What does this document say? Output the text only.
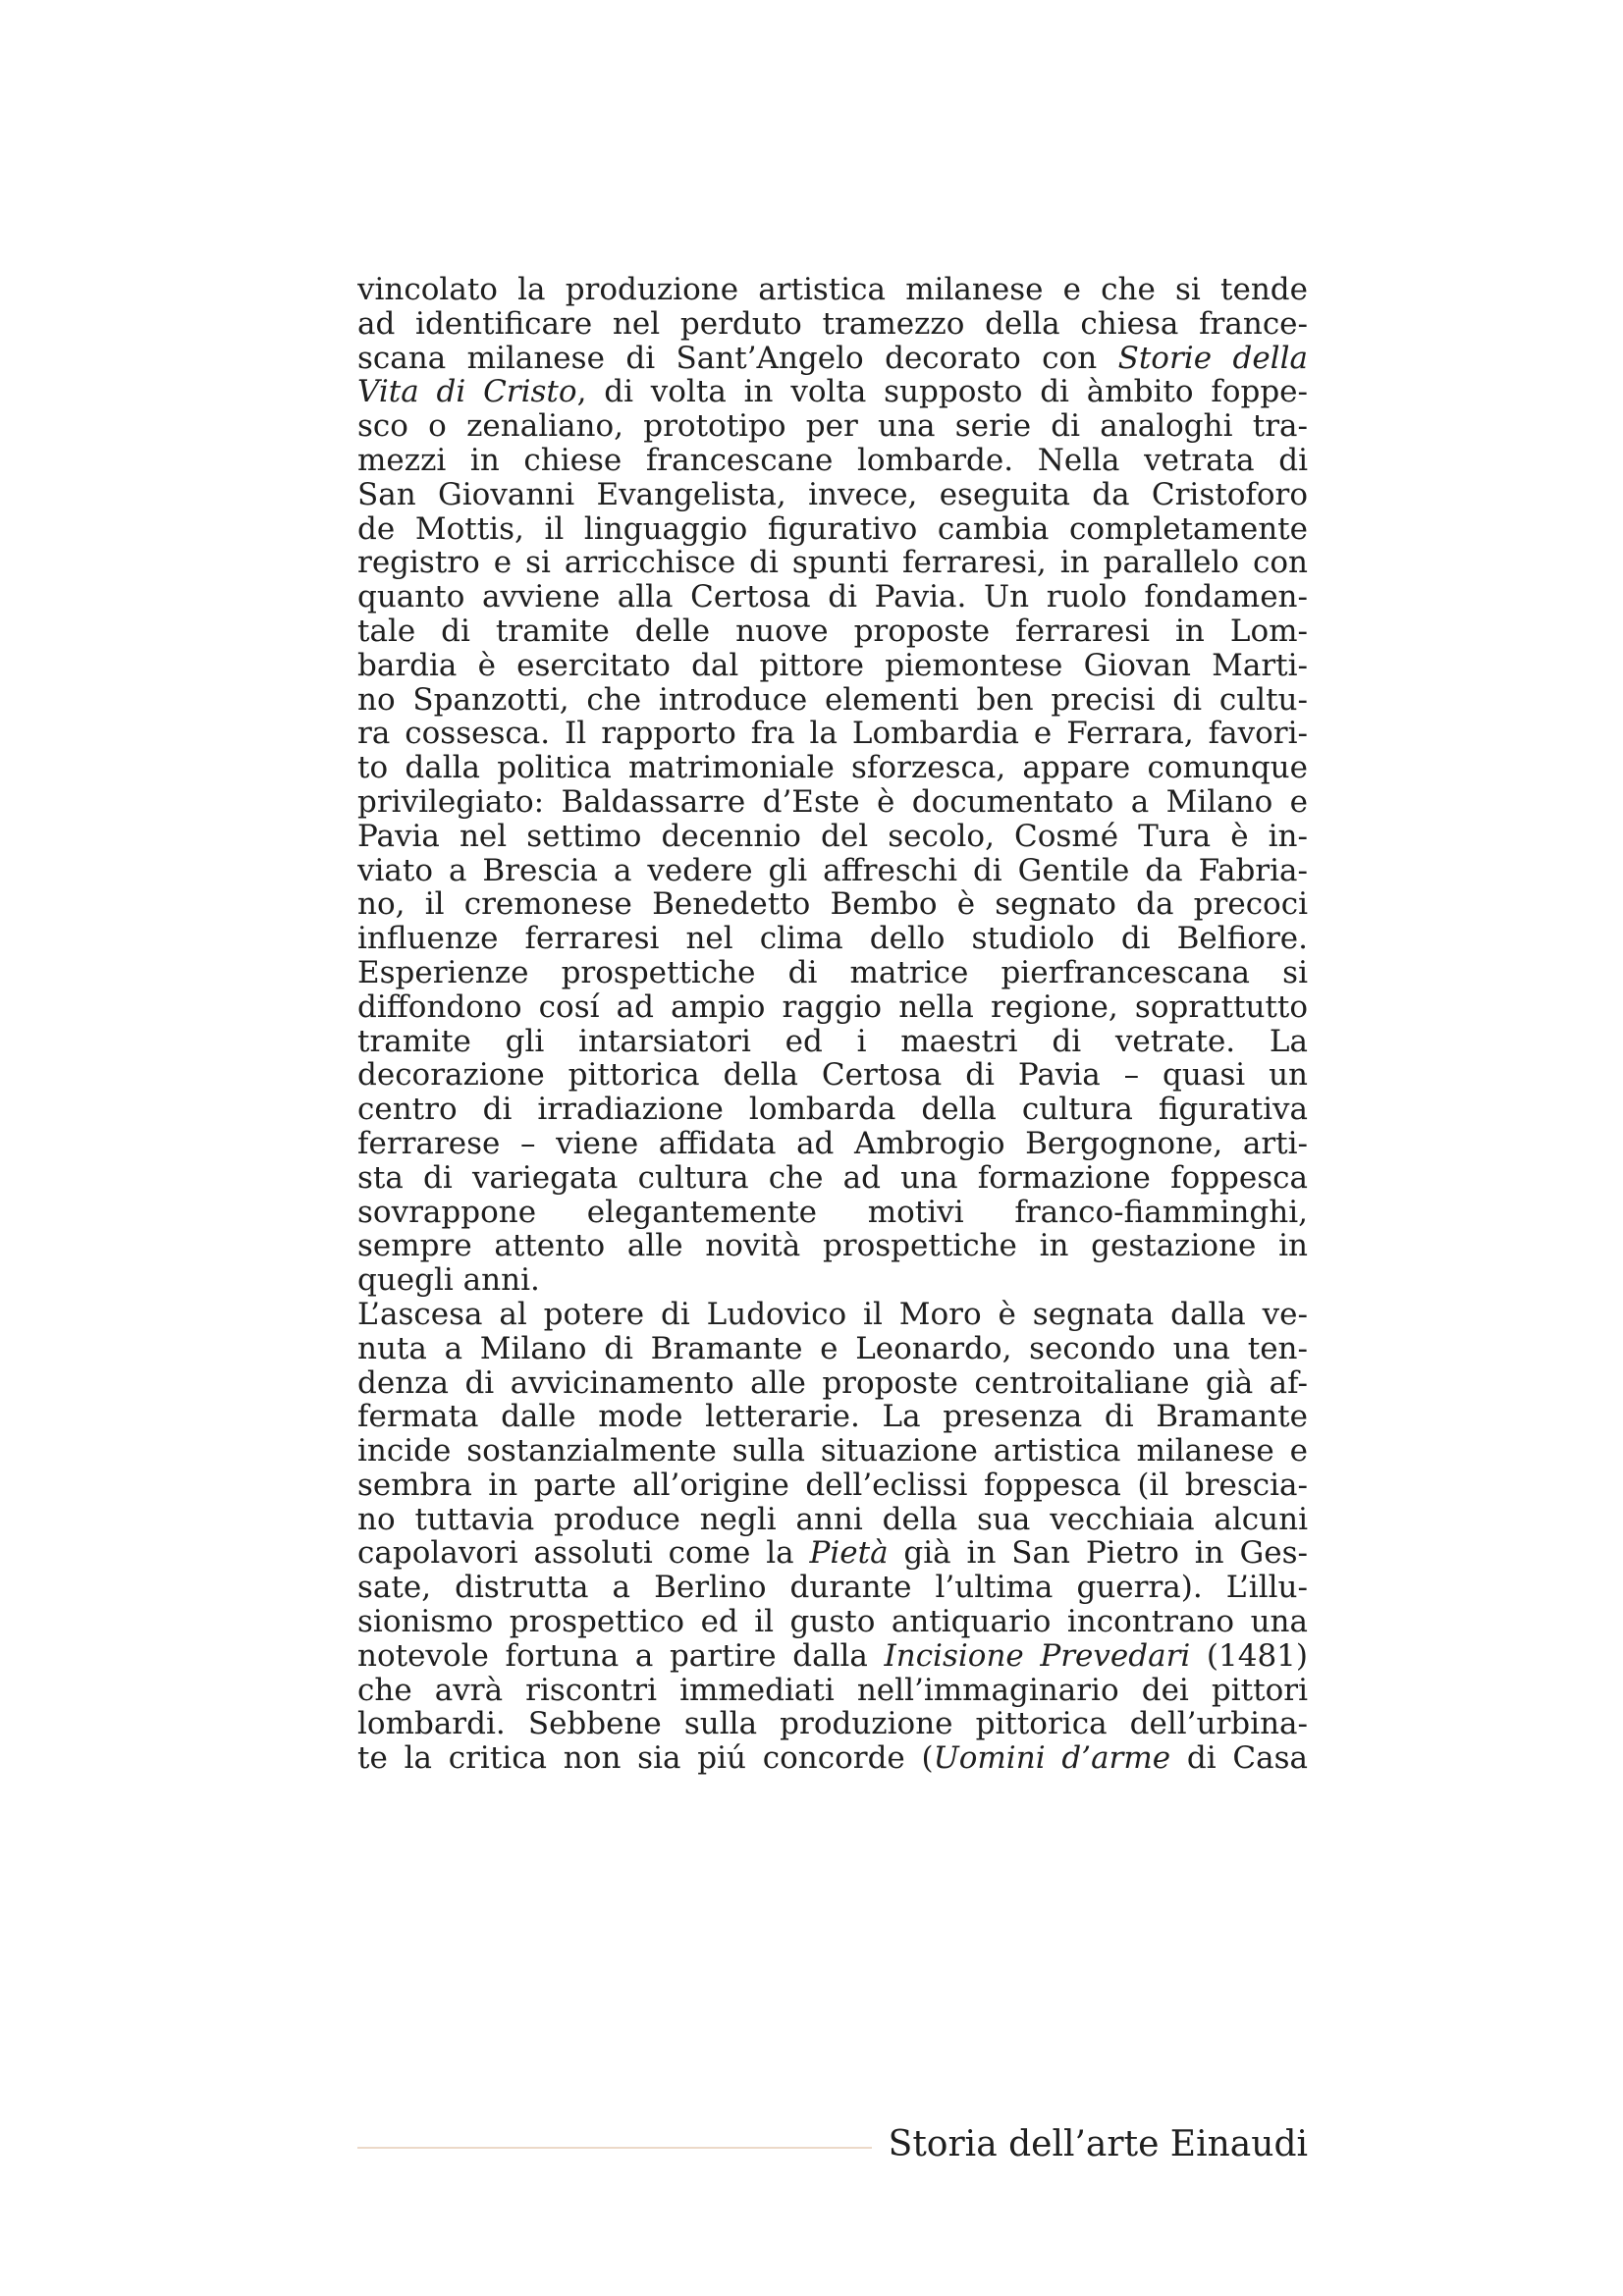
vincolato la produzione artistica milanese e che si tende
ad identificare nel perduto tramezzo della chiesa france-
scana milanese di Sant’Angelo decorato con Storie della
Vita di Cristo, di volta in volta supposto di àmbito foppe-
sco o zenaliano, prototipo per una serie di analoghi tra-
mezzi in chiese francescane lombarde. Nella vetrata di
San Giovanni Evangelista, invece, eseguita da Cristoforo
de Mottis, il linguaggio figurativo cambia completamente
registro e si arricchisce di spunti ferraresi, in parallelo con
quanto avviene alla Certosa di Pavia. Un ruolo fondamen-
tale di tramite delle nuove proposte ferraresi in Lom-
bardia è esercitato dal pittore piemontese Giovan Marti-
no Spanzotti, che introduce elementi ben precisi di cultu-
ra cossesca. Il rapporto fra la Lombardia e Ferrara, favori-
to dalla politica matrimoniale sforzesca, appare comunque
privilegiato: Baldassarre d’Este è documentato a Milano e
Pavia nel settimo decennio del secolo, Cosmé Tura è in-
viato a Brescia a vedere gli affreschi di Gentile da Fabria-
no, il cremonese Benedetto Bembo è segnato da precoci
influenze ferraresi nel clima dello studiolo di Belfiore.
Esperienze prospettiche di matrice pierfrancescana si
diffondono cosí ad ampio raggio nella regione, soprattutto
tramite gli intarsiatori ed i maestri di vetrate. La
decorazione pittorica della Certosa di Pavia – quasi un
centro di irradiazione lombarda della cultura figurativa
ferrarese – viene affidata ad Ambrogio Bergognone, arti-
sta di variegata cultura che ad una formazione foppesca
sovrappone elegantemente motivi franco-fiamminghi,
sempre attento alle novità prospettiche in gestazione in
quegli anni.
L’ascesa al potere di Ludovico il Moro è segnata dalla ve-
nuta a Milano di Bramante e Leonardo, secondo una ten-
denza di avvicinamento alle proposte centroitaliane già af-
fermata dalle mode letterarie. La presenza di Bramante
incide sostanzialmente sulla situazione artistica milanese e
sembra in parte all’origine dell’eclissi foppesca (il brescia-
no tuttavia produce negli anni della sua vecchiaia alcuni
capolavori assoluti come la Pietà già in San Pietro in Ges-
sate, distrutta a Berlino durante l’ultima guerra). L’illu-
sionismo prospettico ed il gusto antiquario incontrano una
notevole fortuna a partire dalla Incisione Prevedari (1481)
che avrà riscontri immediati nell’immaginario dei pittori
lombardi. Sebbene sulla produzione pittorica dell’urbina-
te la critica non sia piú concorde (Uomini d’arme di Casa
Storia dell’arte Einaudi
